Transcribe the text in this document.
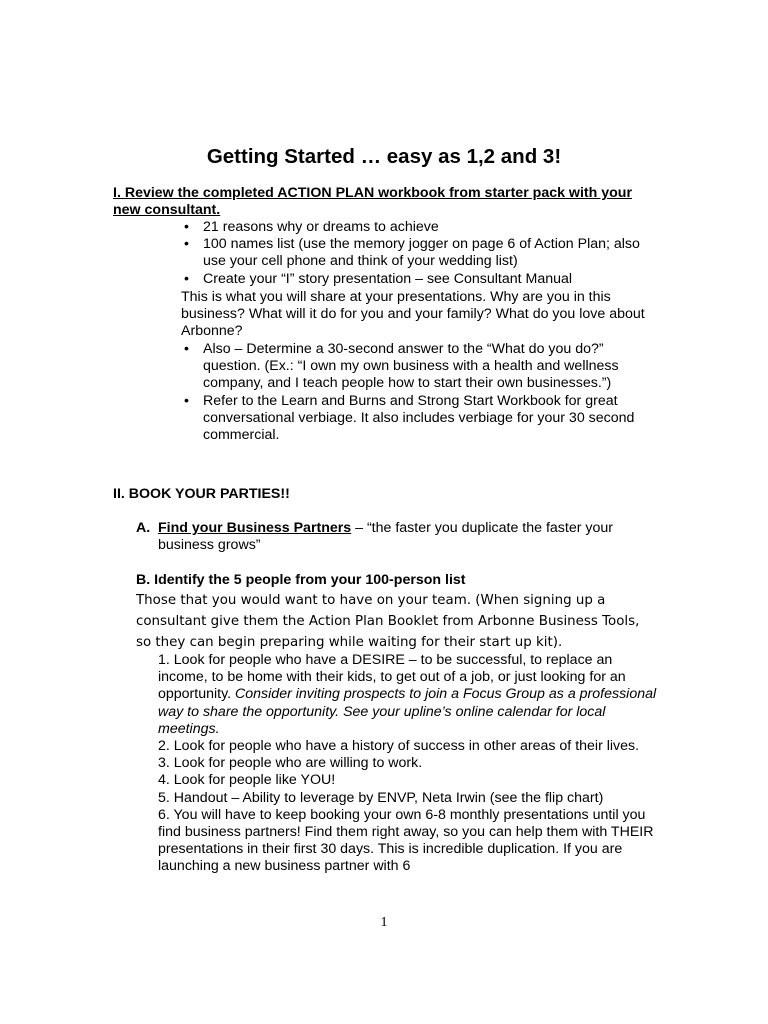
Getting Started … easy as 1,2 and 3!
I. Review the completed ACTION PLAN workbook from starter pack with your new consultant.
• 21 reasons why or dreams to achieve
• 100 names list (use the memory jogger on page 6 of Action Plan; also use your cell phone and think of your wedding list)
• Create your “I” story presentation – see Consultant Manual
This is what you will share at your presentations. Why are you in this business? What will it do for you and your family? What do you love about Arbonne?
• Also – Determine a 30-second answer to the “What do you do?” question. (Ex.: “I own my own business with a health and wellness company, and I teach people how to start their own businesses.”)
• Refer to the Learn and Burns and Strong Start Workbook for great conversational verbiage. It also includes verbiage for your 30 second commercial.
II. BOOK YOUR PARTIES!!
A. Find your Business Partners – “the faster you duplicate the faster your business grows”
B. Identify the 5 people from your 100-person list
Those that you would want to have on your team. (When signing up a consultant give them the Action Plan Booklet from Arbonne Business Tools, so they can begin preparing while waiting for their start up kit).

1. Look for people who have a DESIRE – to be successful, to replace an income, to be home with their kids, to get out of a job, or just looking for an opportunity. Consider inviting prospects to join a Focus Group as a professional way to share the opportunity. See your upline’s online calendar for local meetings.

2. Look for people who have a history of success in other areas of their lives.

3. Look for people who are willing to work.

4. Look for people like YOU!

5. Handout – Ability to leverage by ENVP, Neta Irwin (see the flip chart)

6. You will have to keep booking your own 6-8 monthly presentations until you find business partners! Find them right away, so you can help them with THEIR presentations in their first 30 days. This is incredible duplication. If you are launching a new business partner with 6

1
